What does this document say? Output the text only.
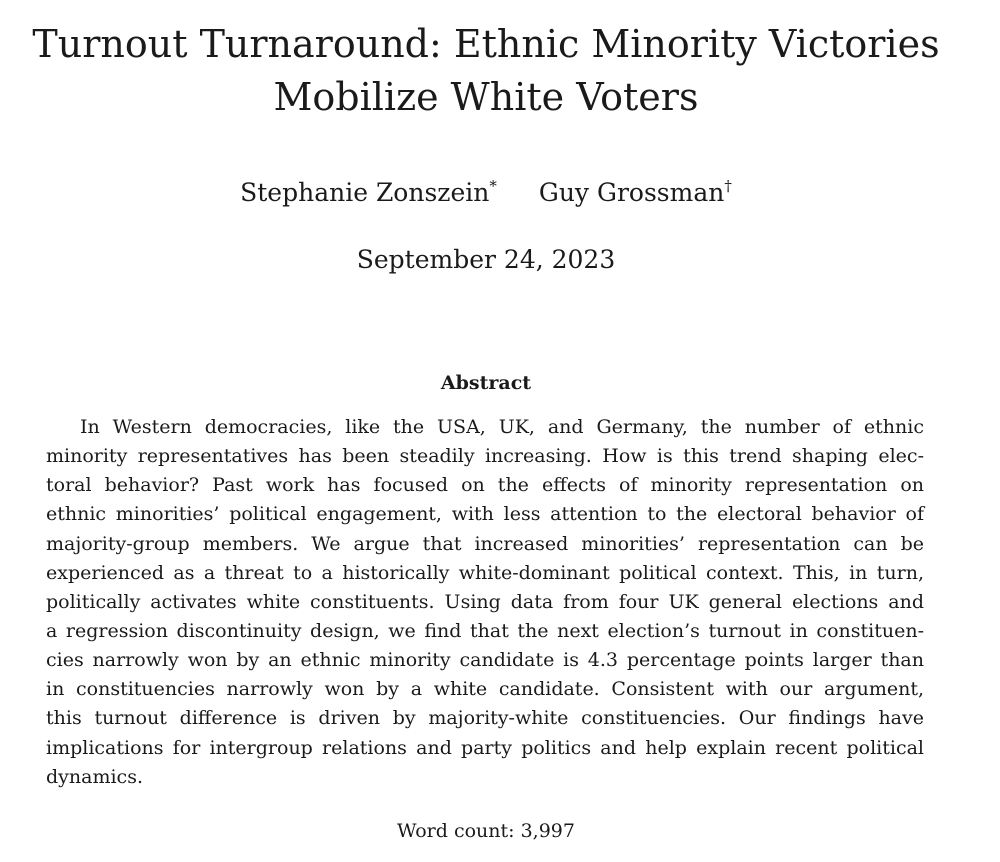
Turnout Turnaround: Ethnic Minority Victories
Mobilize White Voters
Stephanie Zonszein* Guy Grossman†
September 24, 2023
Abstract
In Western democracies, like the USA, UK, and Germany, the number of ethnic
minority representatives has been steadily increasing. How is this trend shaping elec-
toral behavior? Past work has focused on the effects of minority representation on
ethnic minorities’ political engagement, with less attention to the electoral behavior of
majority-group members. We argue that increased minorities’ representation can be
experienced as a threat to a historically white-dominant political context. This, in turn,
politically activates white constituents. Using data from four UK general elections and
a regression discontinuity design, we find that the next election’s turnout in constituen-
cies narrowly won by an ethnic minority candidate is 4.3 percentage points larger than
in constituencies narrowly won by a white candidate. Consistent with our argument,
this turnout difference is driven by majority-white constituencies. Our findings have
implications for intergroup relations and party politics and help explain recent political
dynamics.
Word count: 3,997
